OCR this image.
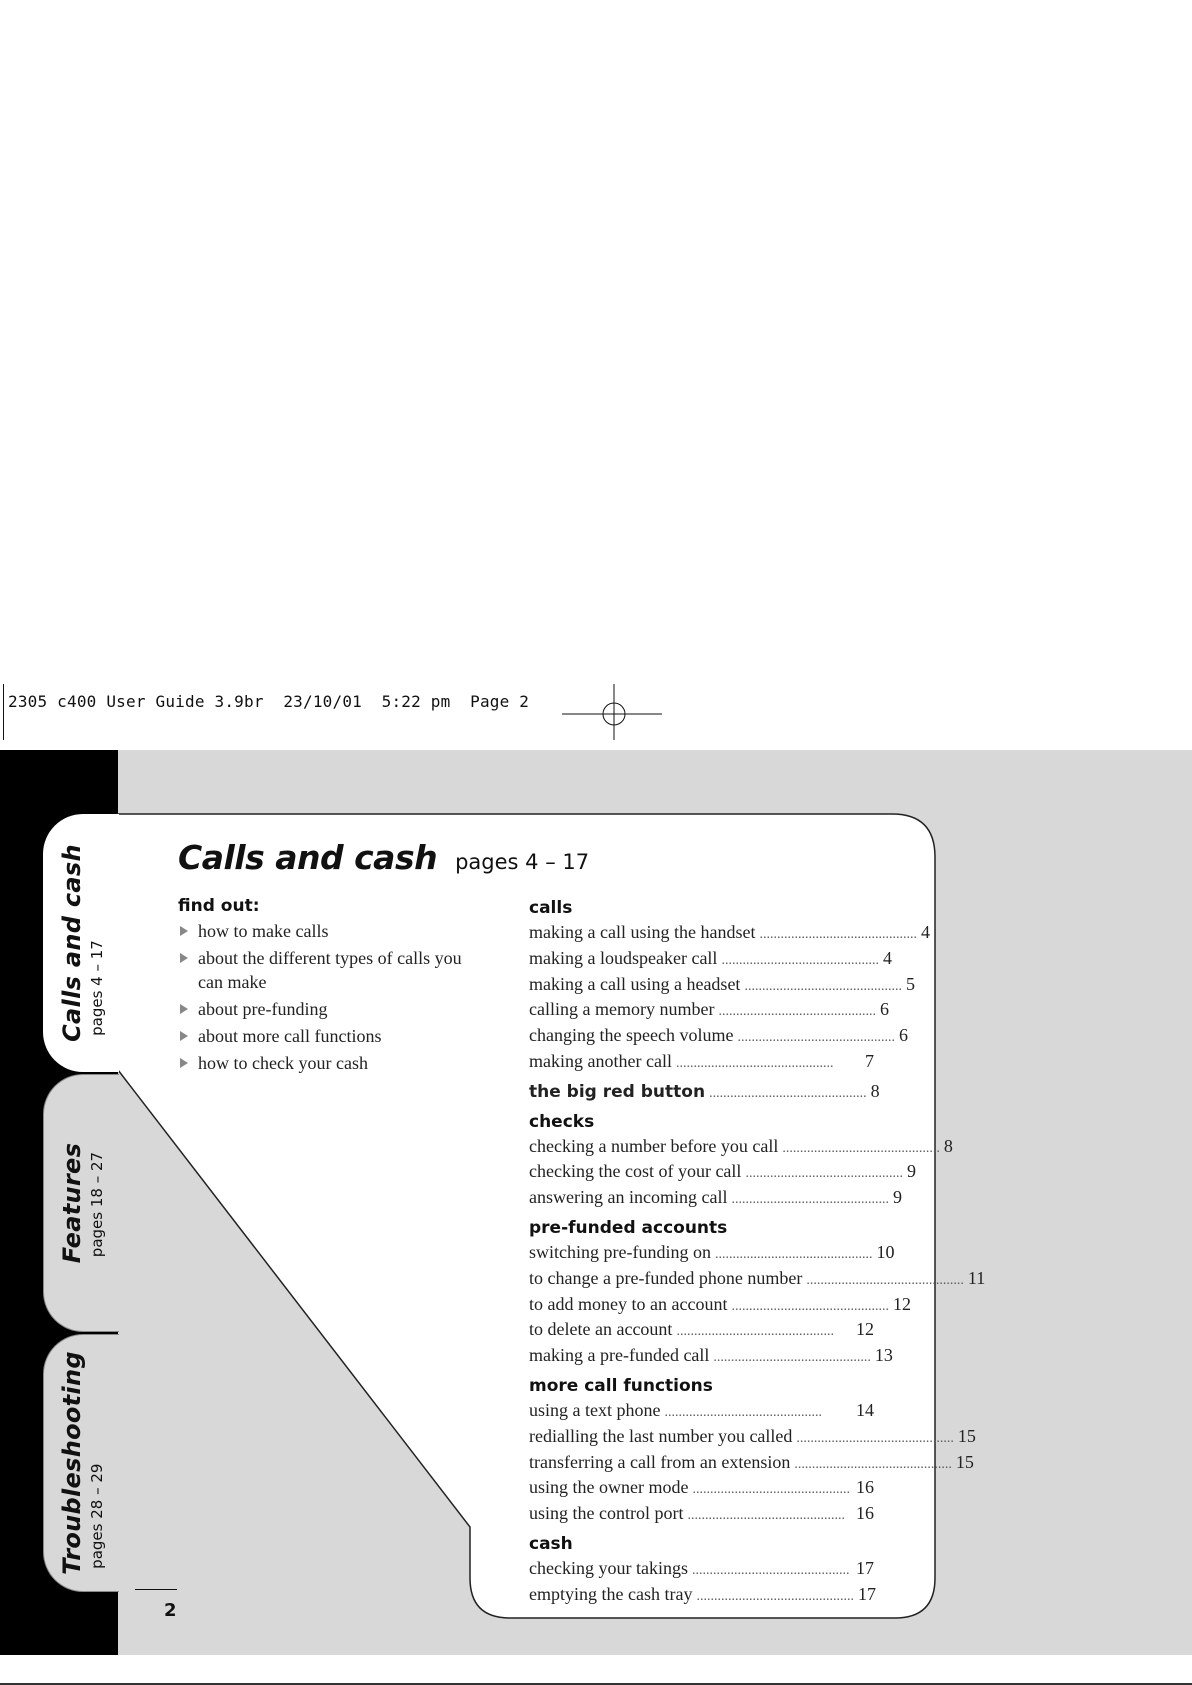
2305 c400 User Guide 3.9br  23/10/01  5:22 pm  Page 2
Calls and cash pages 4 – 17
Features pages 18 – 27
Troubleshooting pages 28 – 29
Calls and cash pages 4 – 17
find out:
how to make calls
about the different types of calls you can make
about pre-funding
about more call functions
how to check your cash
calls
making a call using the handset ............................................. 4
making a loudspeaker call ............................................. 4
making a call using a headset ............................................. 5
calling a memory number ............................................. 6
changing the speech volume ............................................. 6
making another call .............................................	7
the big red button ............................................. 8
checks
checking a number before you call ............................................. 8
checking the cost of your call ............................................. 9
answering an incoming call ............................................. 9
pre-funded accounts
switching pre-funding on ............................................. 10
to change a pre-funded phone number ............................................. 11
to add money to an account ............................................. 12
to delete an account .............................................	12
making a pre-funded call ............................................. 13
more call functions
using a text phone .............................................	14
redialling the last number you called ............................................. 15
transferring a call from an extension ............................................. 15
using the owner mode ............................................. 16
using the control port ............................................. 16
cash
checking your takings ............................................. 17
emptying the cash tray ............................................. 17
2
